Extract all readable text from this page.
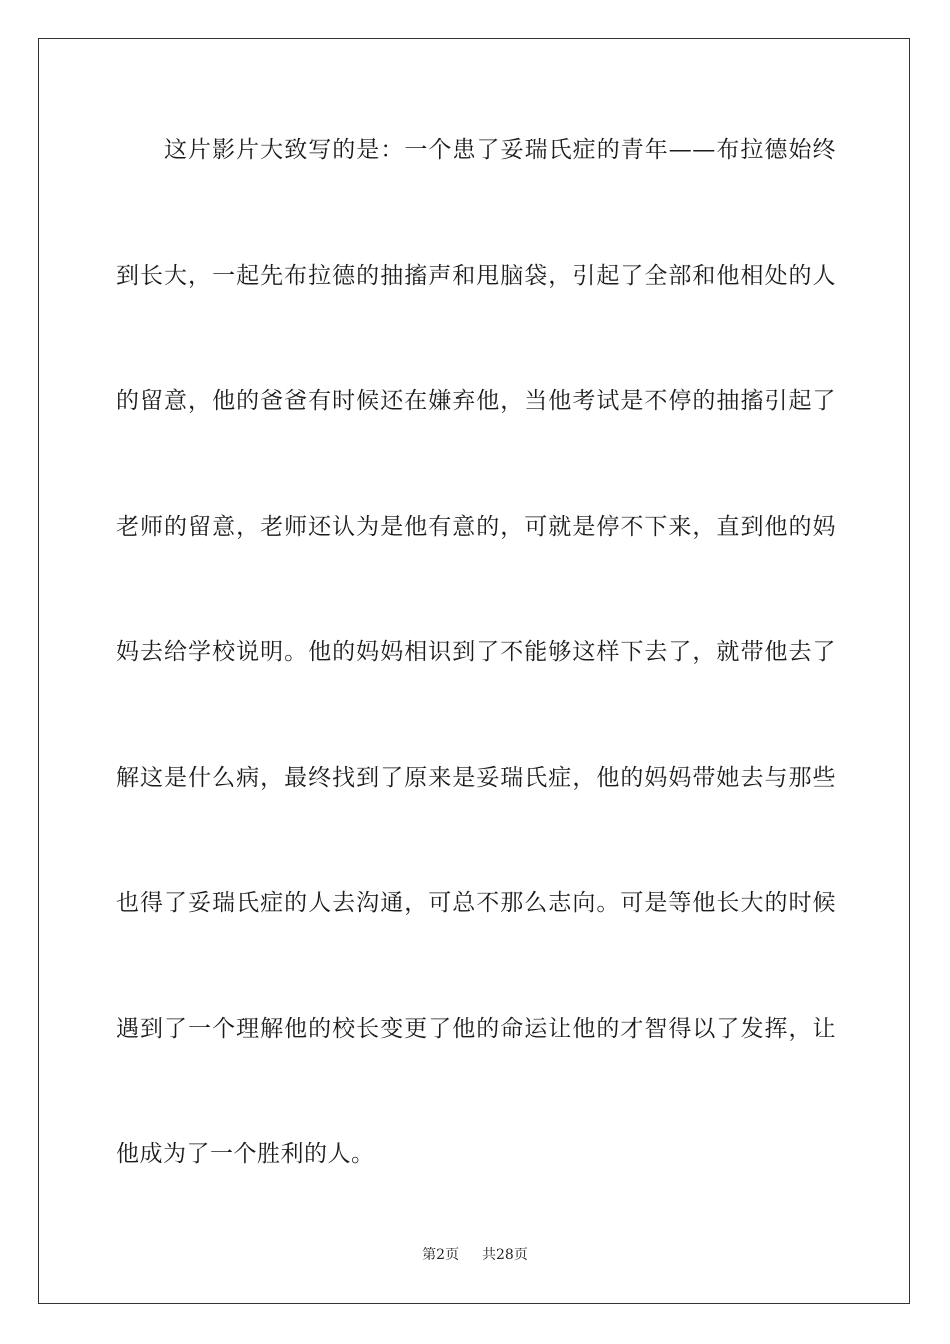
这片影片大致写的是：一个患了妥瑞氏症的青年——布拉德始终
到长大，一起先布拉德的抽搐声和甩脑袋，引起了全部和他相处的人
的留意，他的爸爸有时候还在嫌弃他，当他考试是不停的抽搐引起了
老师的留意，老师还认为是他有意的，可就是停不下来，直到他的妈
妈去给学校说明。他的妈妈相识到了不能够这样下去了，就带他去了
解这是什么病，最终找到了原来是妥瑞氏症，他的妈妈带她去与那些
也得了妥瑞氏症的人去沟通，可总不那么志向。可是等他长大的时候
遇到了一个理解他的校长变更了他的命运让他的才智得以了发挥，让
他成为了一个胜利的人。
第2页 共28页
